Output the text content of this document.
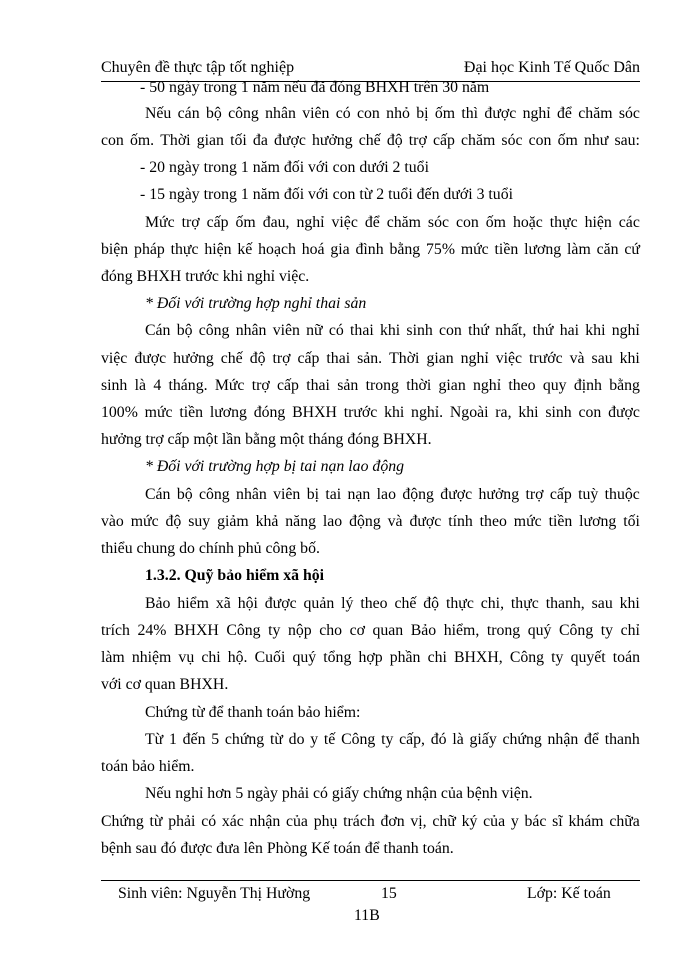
Chuyên đề thực tập tốt nghiệp	Đại học Kinh Tế Quốc Dân
- 50 ngày trong 1 năm nếu đã đóng BHXH trên 30 năm
Nếu cán bộ công nhân viên có con nhỏ bị ốm thì được nghỉ để chăm sóc
con ốm. Thời gian tối đa được hưởng chế độ trợ cấp chăm sóc con ốm như sau:
- 20 ngày trong 1 năm đối với con dưới 2 tuổi
- 15 ngày trong 1 năm đối với con từ 2 tuổi đến dưới 3 tuổi
Mức trợ cấp ốm đau, nghỉ việc để chăm sóc con ốm hoặc thực hiện các
biện pháp thực hiện kế hoạch hoá gia đình bằng 75% mức tiền lương làm căn cứ
đóng BHXH trước khi nghỉ việc.
* Đối với trường hợp nghỉ thai sản
Cán bộ công nhân viên nữ có thai khi sinh con thứ nhất, thứ hai khi nghỉ
việc được hưởng chế độ trợ cấp thai sản. Thời gian nghỉ việc trước và sau khi
sinh là 4 tháng. Mức trợ cấp thai sản trong thời gian nghỉ theo quy định bằng
100% mức tiền lương đóng BHXH trước khi nghỉ. Ngoài ra, khi sinh con được
hưởng trợ cấp một lần bằng một tháng đóng BHXH.
* Đối với trường hợp bị tai nạn lao động
Cán bộ công nhân viên bị tai nạn lao động được hưởng trợ cấp tuỳ thuộc
vào mức độ suy giảm khả năng lao động và được tính theo mức tiền lương tối
thiểu chung do chính phủ công bố.
1.3.2. Quỹ bảo hiểm xã hội
Bảo hiểm xã hội được quản lý theo chế độ thực chi, thực thanh, sau khi
trích 24% BHXH Công ty nộp cho cơ quan Bảo hiểm, trong quý Công ty chỉ
làm nhiệm vụ chi hộ. Cuối quý tổng hợp phần chi BHXH, Công ty quyết toán
với cơ quan BHXH.
Chứng từ để thanh toán bảo hiểm:
Từ 1 đến 5 chứng từ do y tế Công ty cấp, đó là giấy chứng nhận để thanh
toán bảo hiểm.
Nếu nghỉ hơn 5 ngày phải có giấy chứng nhận của bệnh viện.
Chứng từ phải có xác nhận của phụ trách đơn vị, chữ ký của y bác sĩ khám chữa
bệnh sau đó được đưa lên Phòng Kế toán để thanh toán.
Sinh viên: Nguyễn Thị Hường	15	Lớp: Kế toán
11B
